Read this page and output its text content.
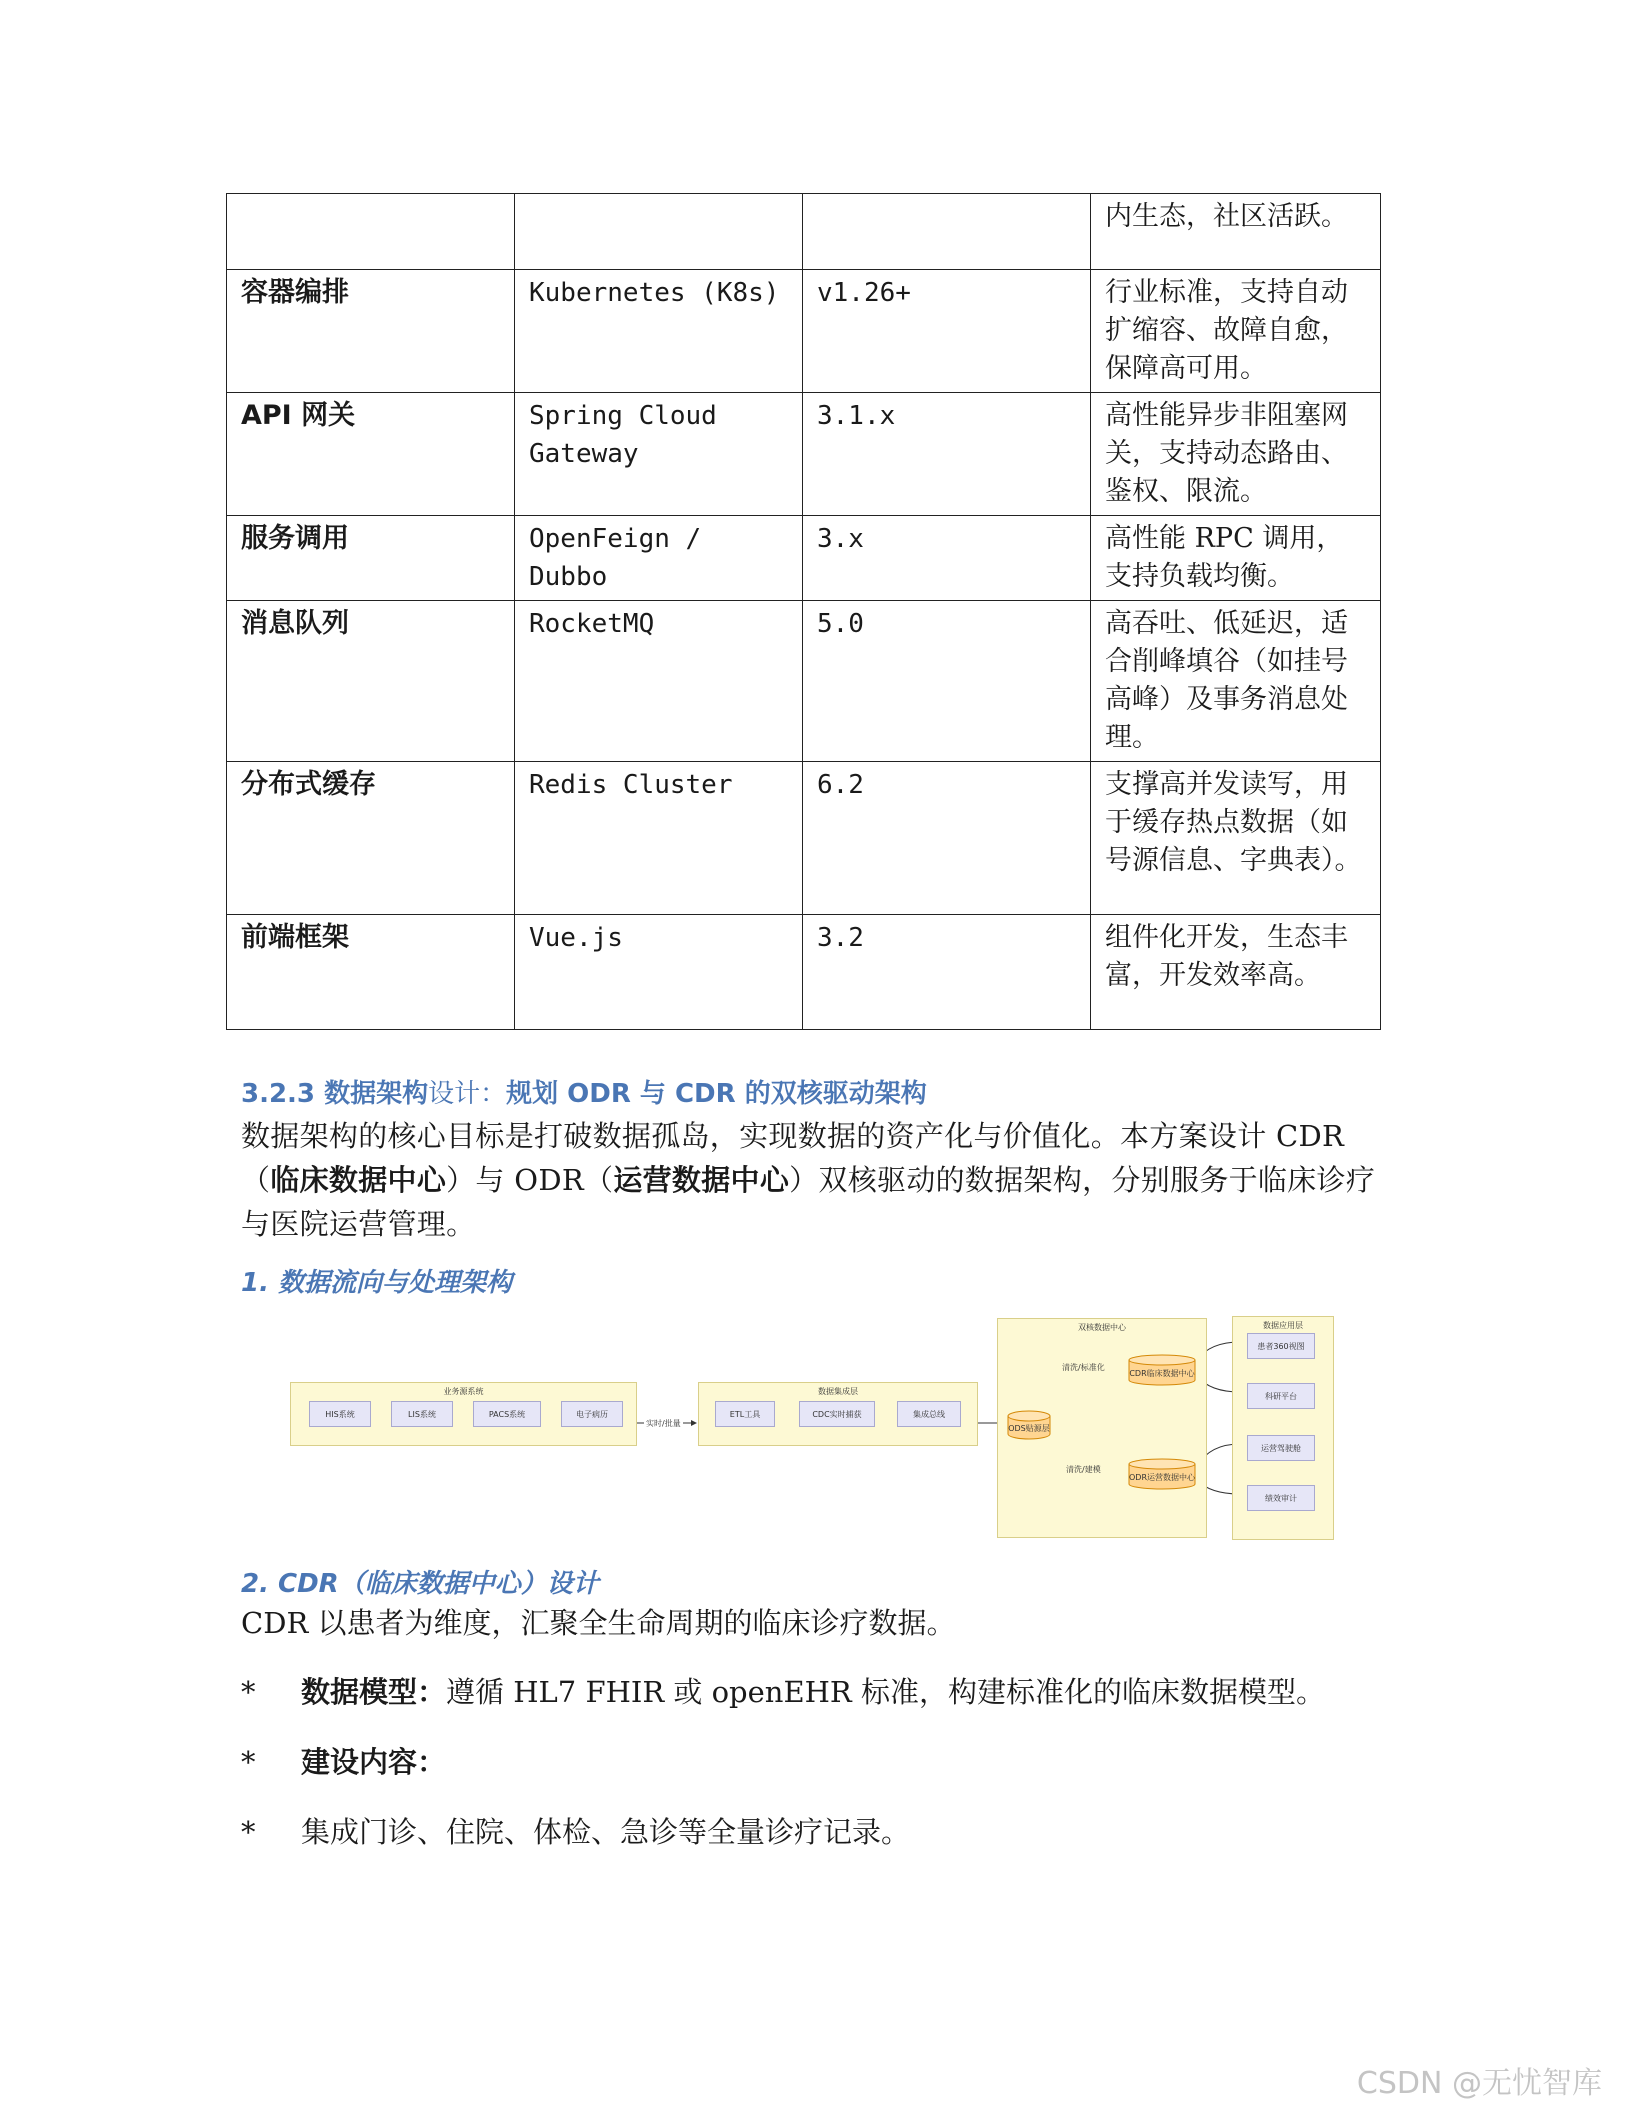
			内生态，社区活跃。
容器编排	Kubernetes (K8s)	v1.26+	行业标准，支持自动扩缩容、故障自愈，保障高可用。
API 网关	Spring Cloud Gateway	3.1.x	高性能异步非阻塞网关，支持动态路由、鉴权、限流。
服务调用	OpenFeign / Dubbo	3.x	高性能 RPC 调用，支持负载均衡。
消息队列	RocketMQ	5.0	高吞吐、低延迟，适合削峰填谷（如挂号高峰）及事务消息处理。
分布式缓存	Redis Cluster	6.2	支撑高并发读写，用于缓存热点数据（如号源信息、字典表）。
前端框架	Vue.js	3.2	组件化开发，生态丰富，开发效率高。
3.2.3 数据架构设计：规划 ODR 与 CDR 的双核驱动架构
数据架构的核心目标是打破数据孤岛，实现数据的资产化与价值化。本方案设计 CDR（临床数据中心）与 ODR（运营数据中心）双核驱动的数据架构，分别服务于临床诊疗与医院运营管理。
1. 数据流向与处理架构
业务源系统
HIS系统	LIS系统	PACS系统	电子病历
实时/批量
数据集成层
ETL工具	CDC实时捕获	集成总线
双核数据中心
ODS贴源层
清洗/标准化
CDR临床数据中心
清洗/建模
ODR运营数据中心
数据应用层
患者360视图
科研平台
运营驾驶舱
绩效审计
2. CDR（临床数据中心）设计
CDR 以患者为维度，汇聚全生命周期的临床诊疗数据。
*	数据模型： 遵循 HL7 FHIR 或 openEHR 标准，构建标准化的临床数据模型。
*	建设内容：
*	集成门诊、住院、体检、急诊等全量诊疗记录。
CSDN @无忧智库
